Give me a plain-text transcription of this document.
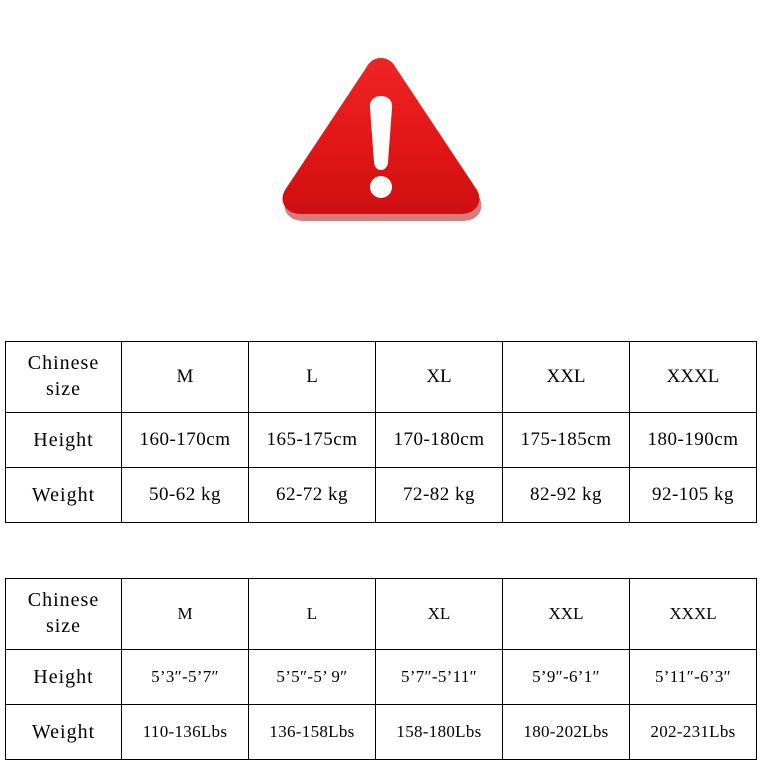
Chinese
size	M	L	XL	XXL	XXXL
Height	160-170cm	165-175cm	170-180cm	175-185cm	180-190cm
Weight	50-62 kg	62-72 kg	72-82 kg	82-92 kg	92-105 kg
Chinese
size	M	L	XL	XXL	XXXL
Height	5’3″-5’7″	5’5″-5’ 9″	5’7″-5’11″	5’9″-6’1″	5’11″-6’3″
Weight	110-136Lbs	136-158Lbs	158-180Lbs	180-202Lbs	202-231Lbs
